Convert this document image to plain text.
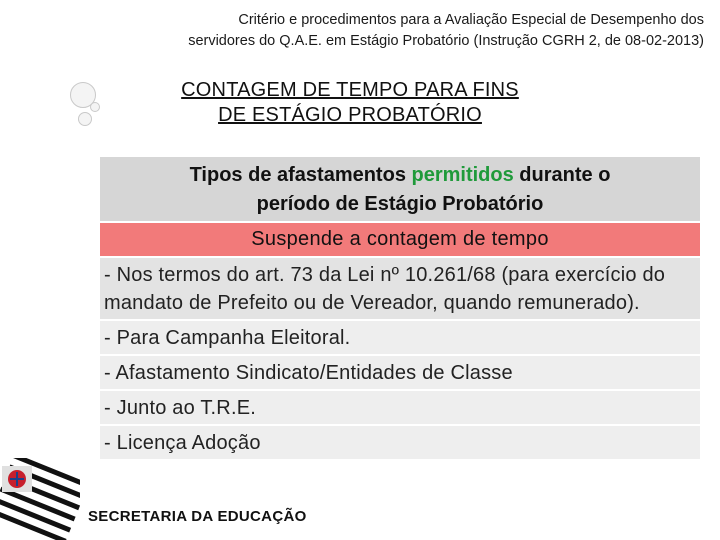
Critério e procedimentos para a Avaliação Especial de Desempenho dos
servidores do Q.A.E. em Estágio Probatório (Instrução CGRH 2, de 08-02-2013)
CONTAGEM DE TEMPO PARA FINS
DE ESTÁGIO PROBATÓRIO
Tipos de afastamentos permitidos durante o
período de Estágio Probatório
Suspende a contagem de tempo
- Nos termos do art. 73 da Lei nº 10.261/68 (para exercício do mandato de Prefeito ou de Vereador, quando remunerado).
- Para Campanha Eleitoral.
- Afastamento Sindicato/Entidades de Classe
- Junto ao T.R.E.
- Licença Adoção
SECRETARIA DA EDUCAÇÃO
